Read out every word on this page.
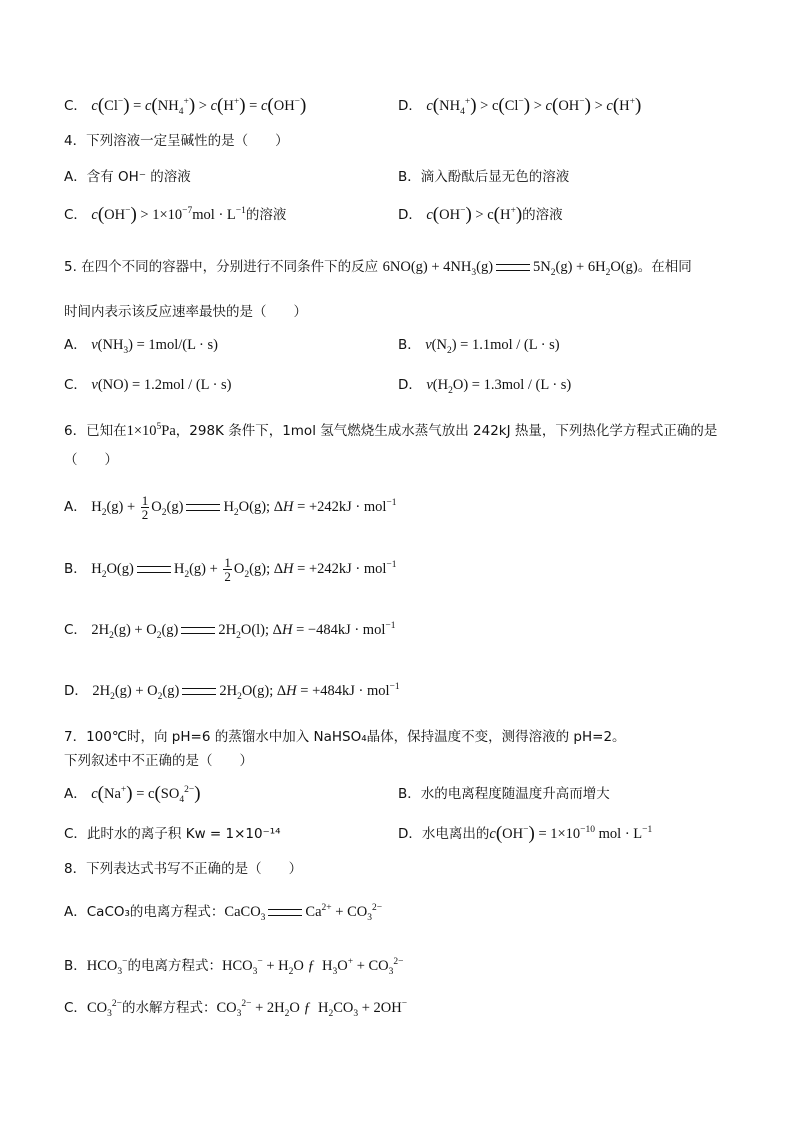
C． $c(Cl^-) = c(NH_4^+) > c(H^+) = c(OH^-)$	D． $c(NH_4^+) > c(Cl^-) > c(OH^-) > c(H^+)$
4．下列溶液一定呈碱性的是（　　）
A．含有 OH⁻ 的溶液	B．滴入酚酞后显无色的溶液
C． $c(OH^-) > 1\times 10^{-7}mol \cdot L^{-1}$的溶液	D． c(OH−) > c(H+)的溶液
5. 在四个不同的容器中，分别进行不同条件下的反应 $6NO(g) + 4NH_3(g)$	$5N_2(g) + 6H_2O(g)$。在相同
时间内表示该反应速率最快的是（　　）
A． $v(NH_3) = 1mol/(L \cdot s)$	B． $v(N_2) = 1.1mol / (L \cdot s)$
C． v(NO) = 1.2mol / (L · s)	D． $v(H_2O) = 1.3mol / (L \cdot s)$
6．已知在$1\times 10^5Pa$，298K 条件下，1mol 氢气燃烧生成水蒸气放出 242kJ 热量，下列热化学方程式正确的是
（　　）
A． $H_2(g) + \frac{1}{2} O_2(g)$	$H_2O(g)$; ΔH = +242kJ · mol$^{-1}$
B． $H_2O(g)$	$H_2(g) + \frac{1}{2} O_2(g)$; ΔH = +242kJ · mol$^{-1}$
C． $2H_2(g) + O_2(g)$	$2H_2O(l)$; ΔH = −484kJ · mol$^{-1}$
D． $2H_2(g) + O_2(g)$	$2H_2O(g)$; ΔH = +484kJ · mol$^{-1}$
7．100℃时，向 pH=6 的蒸馏水中加入 NaHSO₄晶体，保持温度不变，测得溶液的 pH=2。
下列叙述中不正确的是（　　）
A． $c(Na^+) = c(SO_4^{2-})$	B．水的电离程度随温度升高而增大
C．此时水的离子积 Kw = 1×10⁻¹⁴	D．水电离出的$c(OH^-) = 1\times 10^{-10}$ mol · $L^{-1}$
8．下列表达式书写不正确的是（　　）
A．CaCO₃的电离方程式：CaCO$_3$	$Ca^{2+} + CO_3^{2-}$
B．$HCO_3^-$的电离方程式：$HCO_3^- + H_2O$ ƒ  $H_3O^+ + CO_3^{2-}$
C．$CO_3^{2-}$的水解方程式：$CO_3^{2-} + 2H_2O$ ƒ  $H_2CO_3 + 2OH^-$
